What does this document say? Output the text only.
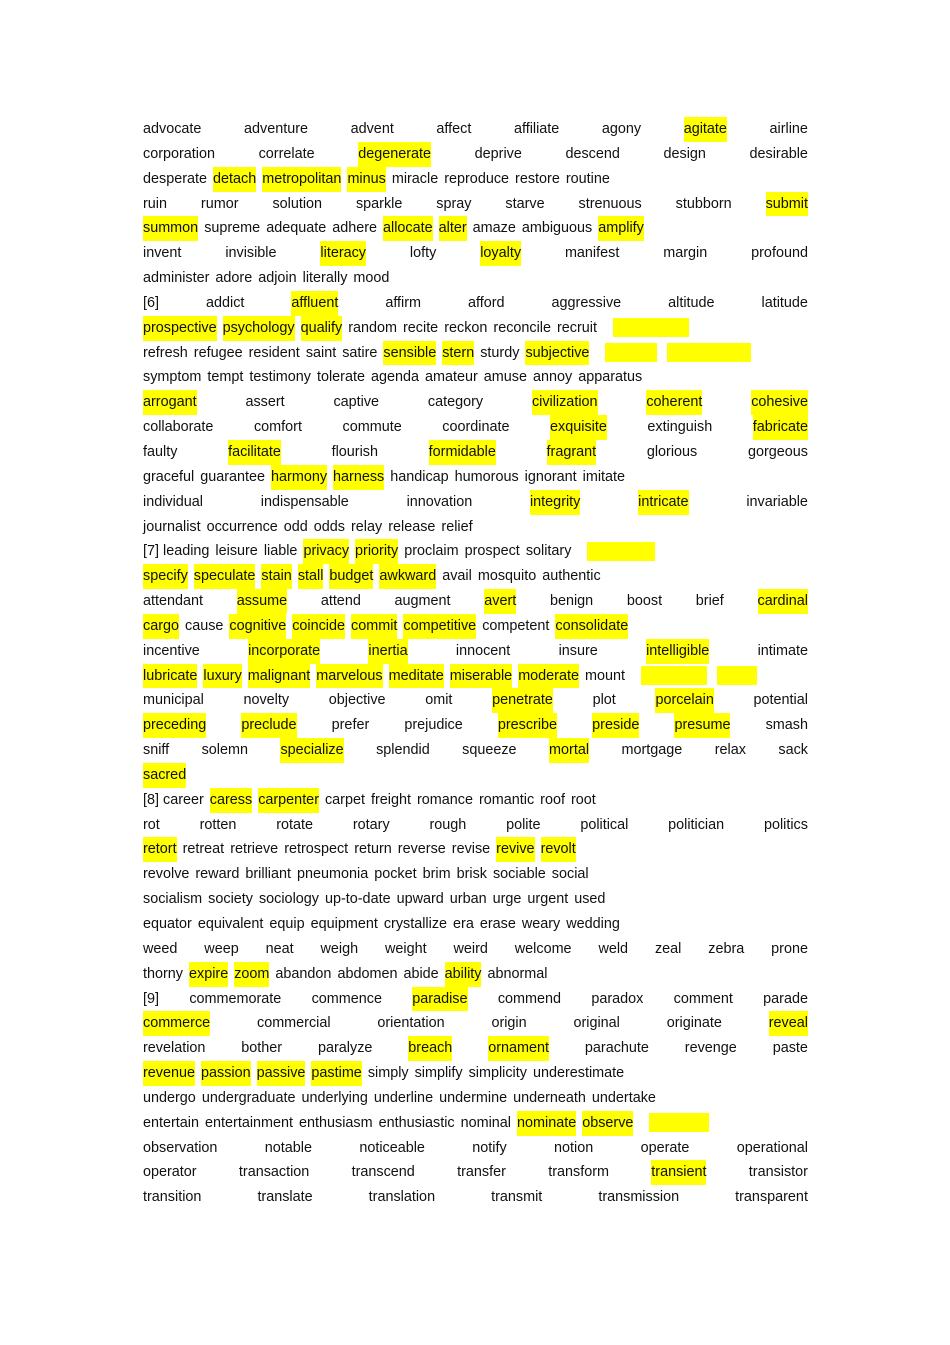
advocate	adventure	advent	affect	affiliate	agony	agitate	airline
corporation	correlate	degenerate	deprive	descend	design	desirable
desperate detach metropolitan minus miracle reproduce restore routine
ruin rumor solution sparkle spray starve strenuous stubborn submit
summon supreme adequate adhere allocate alter amaze ambiguous amplify
invent	invisible	literacy	lofty	loyalty	manifest	margin	profound
administer adore adjoin literally mood
[6]	addict	affluent	affirm	afford	aggressive	altitude	latitude
prospective psychology qualify random recite reckon reconcile recruit
refresh refugee resident saint satire sensible stern sturdy subjective
symptom tempt testimony tolerate agenda amateur amuse annoy apparatus
arrogant	assert	captive	category	civilization	coherent	cohesive
collaborate	comfort	commute	coordinate	exquisite	extinguish	fabricate
faulty	facilitate	flourish	formidable	fragrant	glorious	gorgeous
graceful guarantee harmony harness handicap humorous ignorant imitate
individual	indispensable	innovation	integrity	intricate	invariable
journalist occurrence odd odds relay release relief
[7] leading leisure liable privacy priority proclaim prospect solitary
specify speculate stain stall budget awkward avail mosquito authentic
attendant assume attend augment avert benign boost brief cardinal
cargo cause cognitive coincide commit competitive competent consolidate
incentive	incorporate	inertia	innocent	insure	intelligible	intimate
lubricate luxury malignant marvelous meditate miserable moderate mount
municipal	novelty	objective	omit	penetrate	plot	porcelain	potential
preceding preclude prefer prejudice prescribe preside presume smash
sniff solemn specialize splendid squeeze mortal mortgage relax sack
sacred
[8] career caress carpenter carpet freight romance romantic roof root
rot	rotten	rotate	rotary	rough	polite	political	politician	politics
retort retreat retrieve retrospect return reverse revise revive revolt
revolve reward brilliant pneumonia pocket brim brisk sociable social
socialism society sociology up-to-date upward urban urge urgent used
equator equivalent equip equipment crystallize era erase weary wedding
weed weep neat weigh weight weird welcome weld zeal zebra prone
thorny expire zoom abandon abdomen abide ability abnormal
[9] commemorate commence paradise commend paradox comment parade
commerce	commercial	orientation	origin	original	originate	reveal
revelation bother paralyze breach ornament parachute revenge paste
revenue passion passive pastime simply simplify simplicity underestimate
undergo undergraduate underlying underline undermine underneath undertake
entertain entertainment enthusiasm enthusiastic nominal nominate observe
observation	notable	noticeable	notify	notion	operate	operational
operator	transaction	transcend	transfer	transform	transient	transistor
transition	translate	translation	transmit	transmission	transparent
